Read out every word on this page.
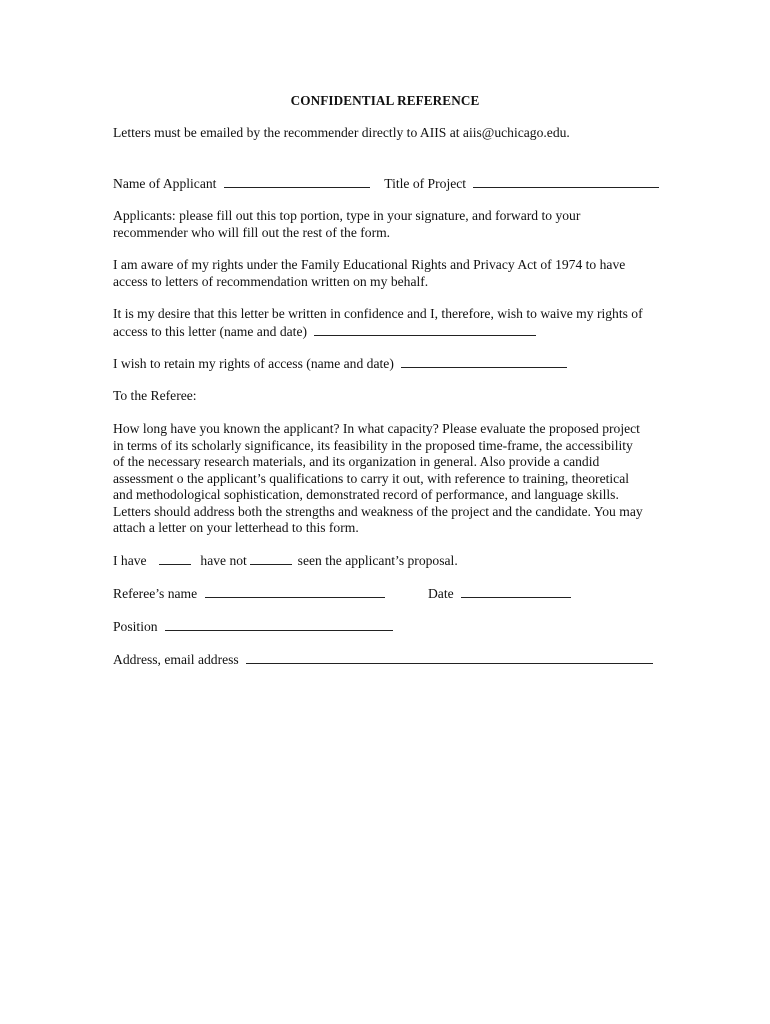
CONFIDENTIAL REFERENCE
Letters must be emailed by the recommender directly to AIIS at aiis@uchicago.edu.
Name of Applicant	Title of Project
Applicants: please fill out this top portion, type in your signature, and forward to your
recommender who will fill out the rest of the form.
I am aware of my rights under the Family Educational Rights and Privacy Act of 1974 to have
access to letters of recommendation written on my behalf.
It is my desire that this letter be written in confidence and I, therefore, wish to waive my rights of
access to this letter (name and date)
I wish to retain my rights of access (name and date)
To the Referee:
How long have you known the applicant? In what capacity? Please evaluate the proposed project
in terms of its scholarly significance, its feasibility in the proposed time-frame, the accessibility
of the necessary research materials, and its organization in general. Also provide a candid
assessment o the applicant’s qualifications to carry it out, with reference to training, theoretical
and methodological sophistication, demonstrated record of performance, and language skills.
Letters should address both the strengths and weakness of the project and the candidate. You may
attach a letter on your letterhead to this form.
I have	have not	seen the applicant’s proposal.
Referee’s name	Date
Position
Address, email address
